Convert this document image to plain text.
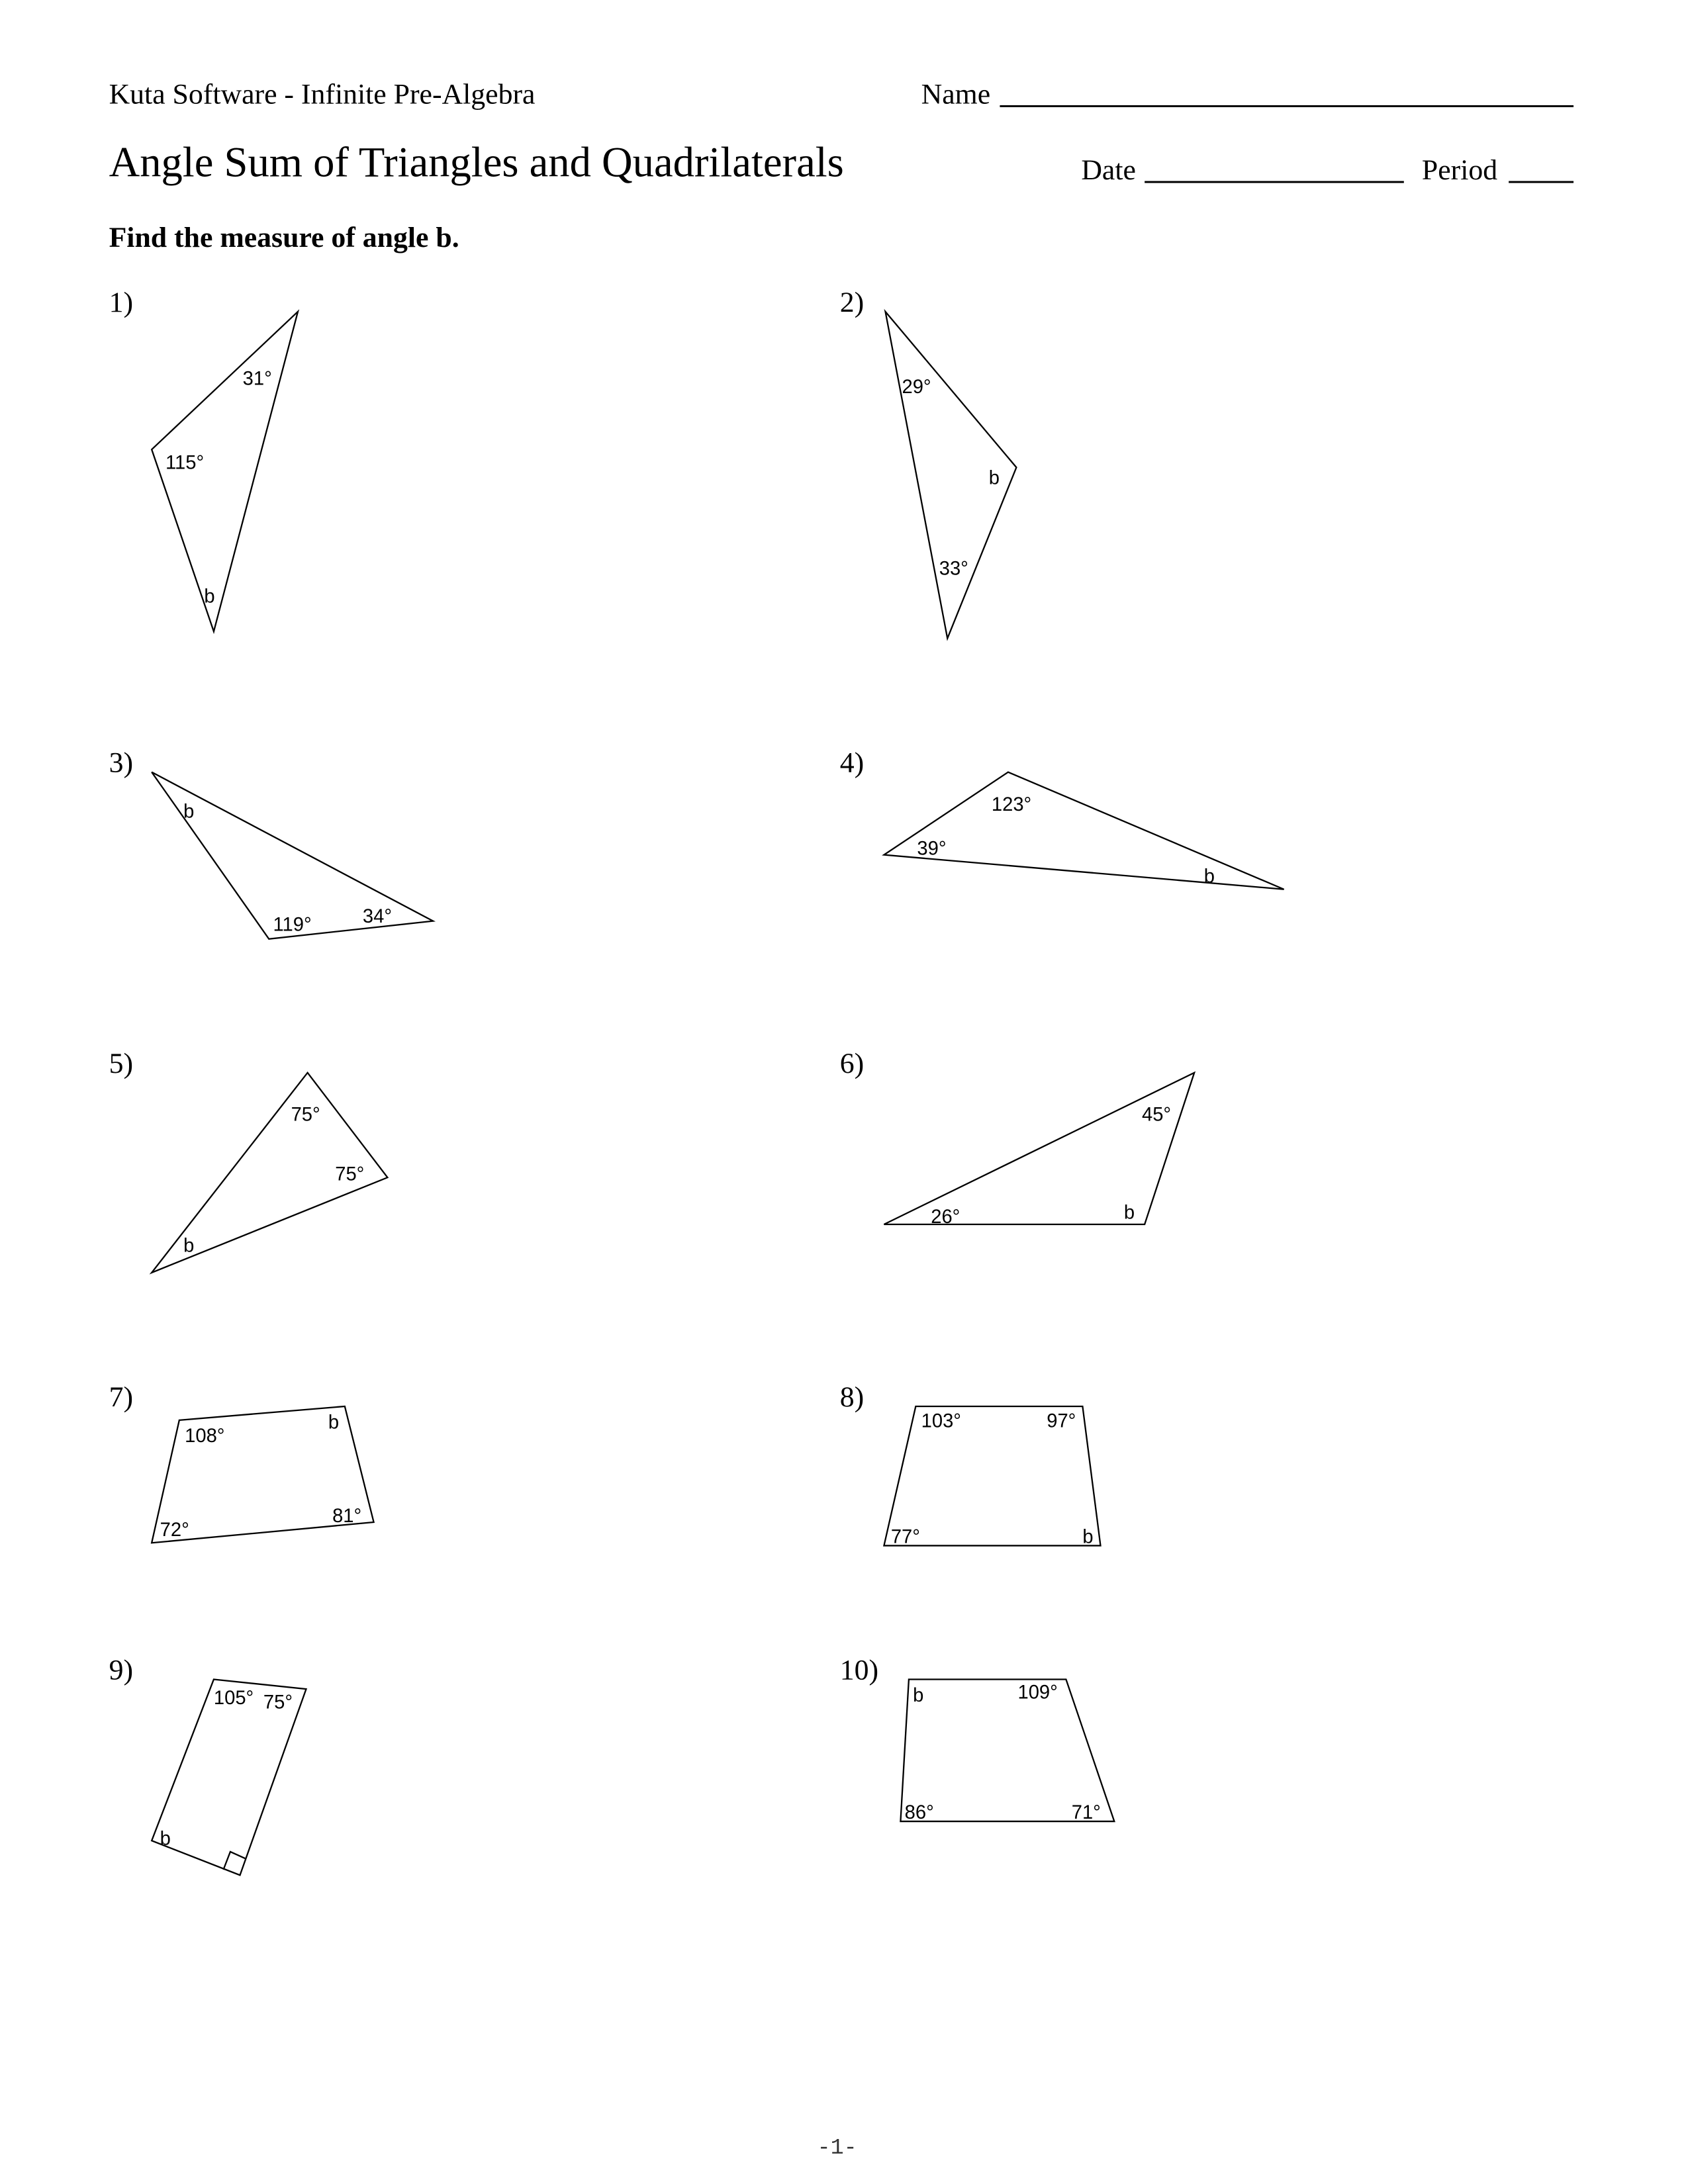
Kuta Software - Infinite Pre-Algebra	Name
Angle Sum of Triangles and Quadrilaterals	Date	Period
Find the measure of angle b.
1)
31°
115°
b
2)
29°
b
33°
3)
b
119°	34°
4)
123°
39°
b
5)
75°
75°
b
6)
45°
26°	b
7)
108°
b
72°
81°
8)
103°	97°
77°	b
9)
105° 75°
b
10)
b	109°
86°	71°
-1-
